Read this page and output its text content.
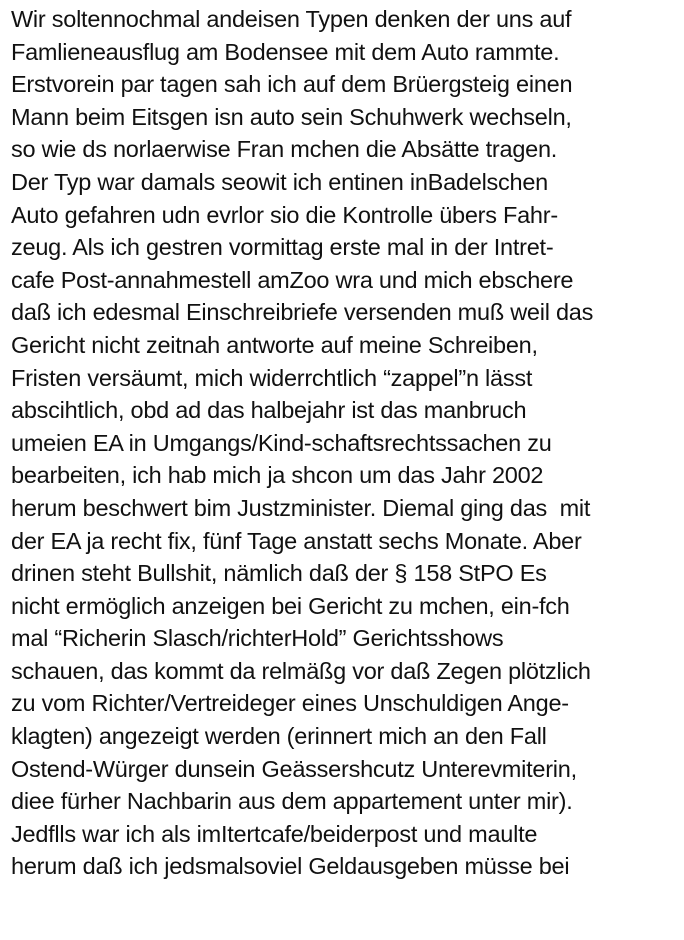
Wir soltennochmal andeisen Typen denken der uns auf
Famlieneausflug am Bodensee mit dem Auto rammte.
Erstvorein par tagen sah ich auf dem Brüergsteig einen
Mann beim Eitsgen isn auto sein Schuhwerk wechseln,
so wie ds norlaerwise Fran mchen die Absätte tragen.
Der Typ war damals seowit ich entinen inBadelschen
Auto gefahren udn evrlor sio die Kontrolle übers Fahr-
zeug. Als ich gestren vormittag erste mal in der Intret-
cafe Post-annahmestell amZoo wra und mich ebschere
daß ich edesmal Einschreibriefe versenden muß weil das
Gericht nicht zeitnah antworte auf meine Schreiben,
Fristen versäumt, mich widerrchtlich “zappel”n lässt
abscihtlich, obd ad das halbejahr ist das manbruch
umeien EA in Umgangs/Kind-schaftsrechtssachen zu
bearbeiten, ich hab mich ja shcon um das Jahr 2002
herum beschwert bim Justzminister. Diemal ging das  mit
der EA ja recht fix, fünf Tage anstatt sechs Monate. Aber
drinen steht Bullshit, nämlich daß der § 158 StPO Es
nicht ermöglich anzeigen bei Gericht zu mchen, ein-fch
mal “Richerin Slasch/richterHold” Gerichtsshows
schauen, das kommt da relmäßg vor daß Zegen plötzlich
zu vom Richter/Vertreideger eines Unschuldigen Ange-
klagten) angezeigt werden (erinnert mich an den Fall
Ostend-Würger dunsein Geässershcutz Unterevmiterin,
diee fürher Nachbarin aus dem appartement unter mir).
Jedflls war ich als imItertcafe/beiderpost und maulte
herum daß ich jedsmalsoviel Geldausgeben müsse bei
